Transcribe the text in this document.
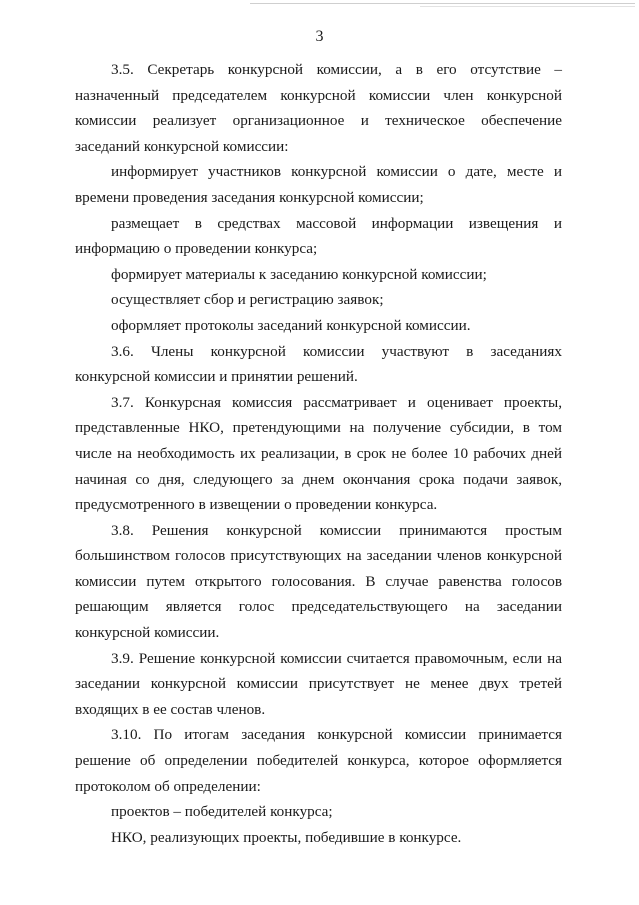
3
3.5. Секретарь конкурсной комиссии, а в его отсутствие –
назначенный председателем конкурсной комиссии член конкурсной
комиссии реализует организационное и техническое обеспечение
заседаний конкурсной комиссии:
информирует участников конкурсной комиссии о дате, месте и
времени проведения заседания конкурсной комиссии;
размещает в средствах массовой информации извещения и
информацию о проведении конкурса;
формирует материалы к заседанию конкурсной комиссии;
осуществляет сбор и регистрацию заявок;
оформляет протоколы заседаний конкурсной комиссии.
3.6. Члены конкурсной комиссии участвуют в заседаниях
конкурсной комиссии и принятии решений.
3.7. Конкурсная комиссия рассматривает и оценивает проекты,
представленные НКО, претендующими на получение субсидии, в том
числе на необходимость их реализации, в срок не более 10 рабочих дней
начиная со дня, следующего за днем окончания срока подачи заявок,
предусмотренного в извещении о проведении конкурса.
3.8. Решения конкурсной комиссии принимаются простым
большинством голосов присутствующих на заседании членов конкурсной
комиссии путем открытого голосования. В случае равенства голосов
решающим является голос председательствующего на заседании
конкурсной комиссии.
3.9. Решение конкурсной комиссии считается правомочным, если на
заседании конкурсной комиссии присутствует не менее двух третей
входящих в ее состав членов.
3.10. По итогам заседания конкурсной комиссии принимается
решение об определении победителей конкурса, которое оформляется
протоколом об определении:
проектов – победителей конкурса;
НКО, реализующих проекты, победившие в конкурсе.
